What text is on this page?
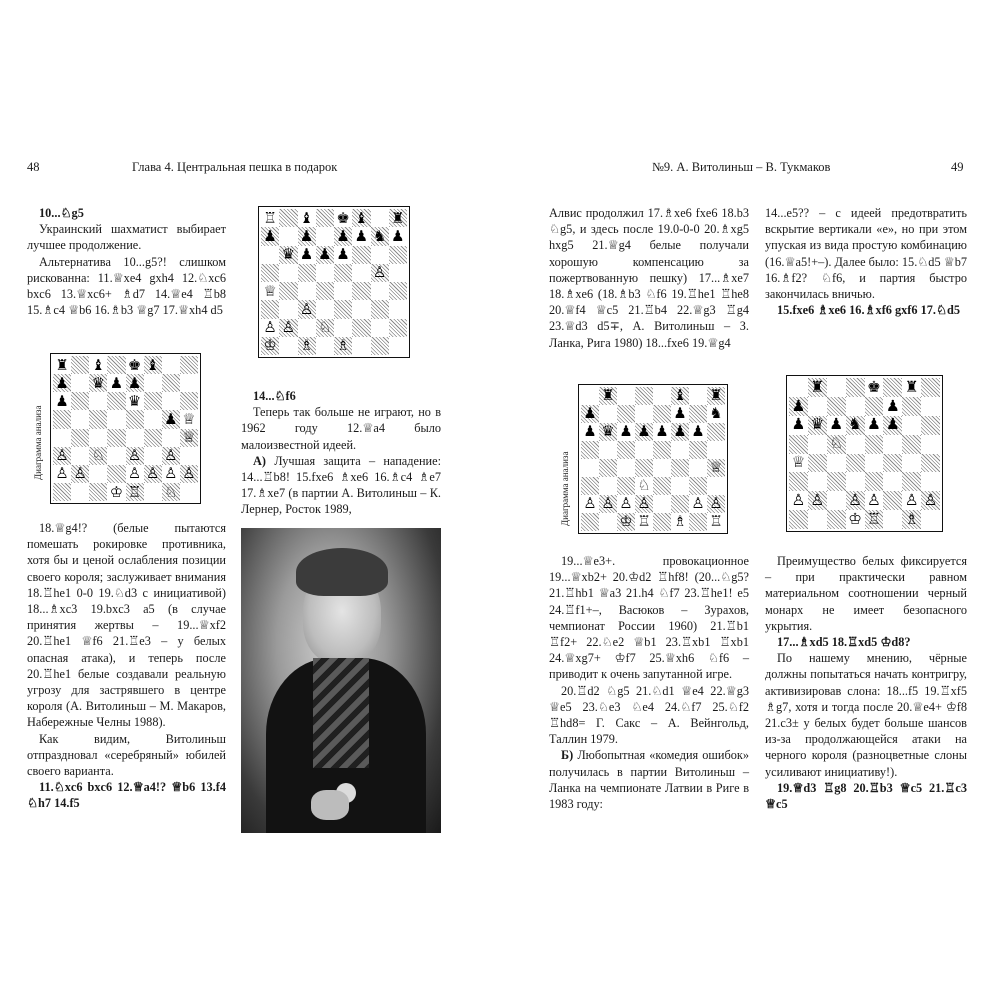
48	Глава 4. Центральная пешка в подарок	№9. А. Витолиньш – В. Тукмаков	49

10...♘g5

Украинский шахматист выбирает лучшее продолжение.

Альтернатива 10...g5?! слишком рискованна: 11.♕xe4 gxh4 12.♘xc6 bxc6 13.♕xc6+ ♗d7 14.♕e4 ♖b8 15.♗c4 ♕b6 16.♗b3 ♕g7 17.♕xh4 d5

♜ ♝ ♚ ♝
♟ ♛ ♟ ♟
♟	♛
♟ ♕
♕
♙ ♘ ♙ ♙
♙ ♙	♙ ♙ ♙ ♙
♔ ♖ ♘
Диаграмма анализа

18.♕g4!? (белые пытаются помешать рокировке противника, хотя бы и ценой ослабления позиции своего короля; заслуживает внимания 18.♖he1 0-0 19.♘d3 с инициативой) 18...♗xc3 19.bxc3 a5 (в случае принятия жертвы – 19...♕xf2 20.♖he1 ♕f6 21.♖e3 – у белых опасная атака), и теперь после 20.♖he1 белые создавали реальную угрозу для застрявшего в центре короля (А. Витолиньш – М. Макаров, Набережные Челны 1988).

Как видим, Витолиньш отпраздновал «серебряный» юбилей своего варианта.

11.♘xc6 bxc6 12.♕a4!? ♕b6 13.f4 ♘h7 14.f5

♖ ♝ ♚ ♝ ♜
♟ ♟ ♟ ♟ ♞ ♟
♛ ♟ ♟ ♟
♙
♕
♙
♙ ♙ ♘
♔ ♗ ♗

14...♘f6

Теперь так больше не играют, но в 1962 году 12.♕a4 было малоизвестной идеей.

А) Лучшая защита – нападение: 14...♖b8! 15.fxe6 ♗xe6 16.♗c4 ♗e7 17.♗xe7 (в партии А. Витолиньш – К. Лернер, Росток 1989,

Алвис продолжил 17.♗xe6 fxe6 18.b3 ♘g5, и здесь после 19.0-0-0 20.♗xg5 hxg5 21.♕g4 белые получали хорошую компенсацию за пожертвованную пешку) 17...♗xe7 18.♗xe6 (18.♗b3 ♘f6 19.♖he1 ♖he8 20.♕f4 ♕c5 21.♖b4 22.♕g3 ♖g4 23.♕d3 d5∓, А. Витолиньш – З. Ланка, Рига 1980) 18...fxe6 19.♕g4

♜	♝ ♜
♟	♟ ♞
♟ ♛ ♟ ♟ ♟ ♟ ♟
♕
♘
♙ ♙ ♙ ♙	♙ ♙
♔ ♖ ♗ ♖
Диаграмма анализа

19...♕e3+. провокационное 19...♕xb2+ 20.♔d2 ♖hf8! (20...♘g5? 21.♖hb1 ♕a3 21.h4 ♘f7 23.♖he1! e5 24.♖f1+–, Васюков – Зурахов, чемпионат России 1960) 21.♖b1 ♖f2+ 22.♘e2 ♕b1 23.♖xb1 ♖xb1 24.♕xg7+ ♔f7 25.♕xh6 ♘f6 – приводит к очень запутанной игре.

20.♖d2 ♘g5 21.♘d1 ♕e4 22.♕g3 ♕e5 23.♘e3 ♘e4 24.♘f7 25.♘f2 ♖hd8= Г. Сакс – А. Вейнгольд, Таллин 1979.

Б) Любопытная «комедия ошибок» получилась в партии Витолиньш – Ланка на чемпионате Латвии в Риге в 1983 году:

14...e5?? – с идеей предотвратить вскрытие вертикали «е», но при этом упуская из вида простую комбинацию (16.♕a5!+–). Далее было: 15.♘d5 ♕b7 16.♗f2? ♘f6, и партия быстро закончилась вничью.

15.fxe6 ♗xe6 16.♗xf6 gxf6 17.♘d5

♜	♚ ♜
♟	♟
♟ ♛ ♟ ♞ ♟ ♟
♘
♕
♙ ♙ ♙ ♙ ♙ ♙
♔ ♖ ♗

Преимущество белых фиксируется – при практически равном материальном соотношении черный монарх не имеет безопасного укрытия.

17...♗xd5 18.♖xd5 ♔d8?

По нашему мнению, чёрные должны попытаться начать контригру, активизировав слона: 18...f5 19.♖xf5 ♗g7, хотя и тогда после 20.♕e4+ ♔f8 21.c3± у белых будет больше шансов из-за продолжающейся атаки на черного короля (разноцветные слоны усиливают инициативу!).

19.♕d3 ♖g8 20.♖b3 ♕c5 21.♖c3 ♕c5
